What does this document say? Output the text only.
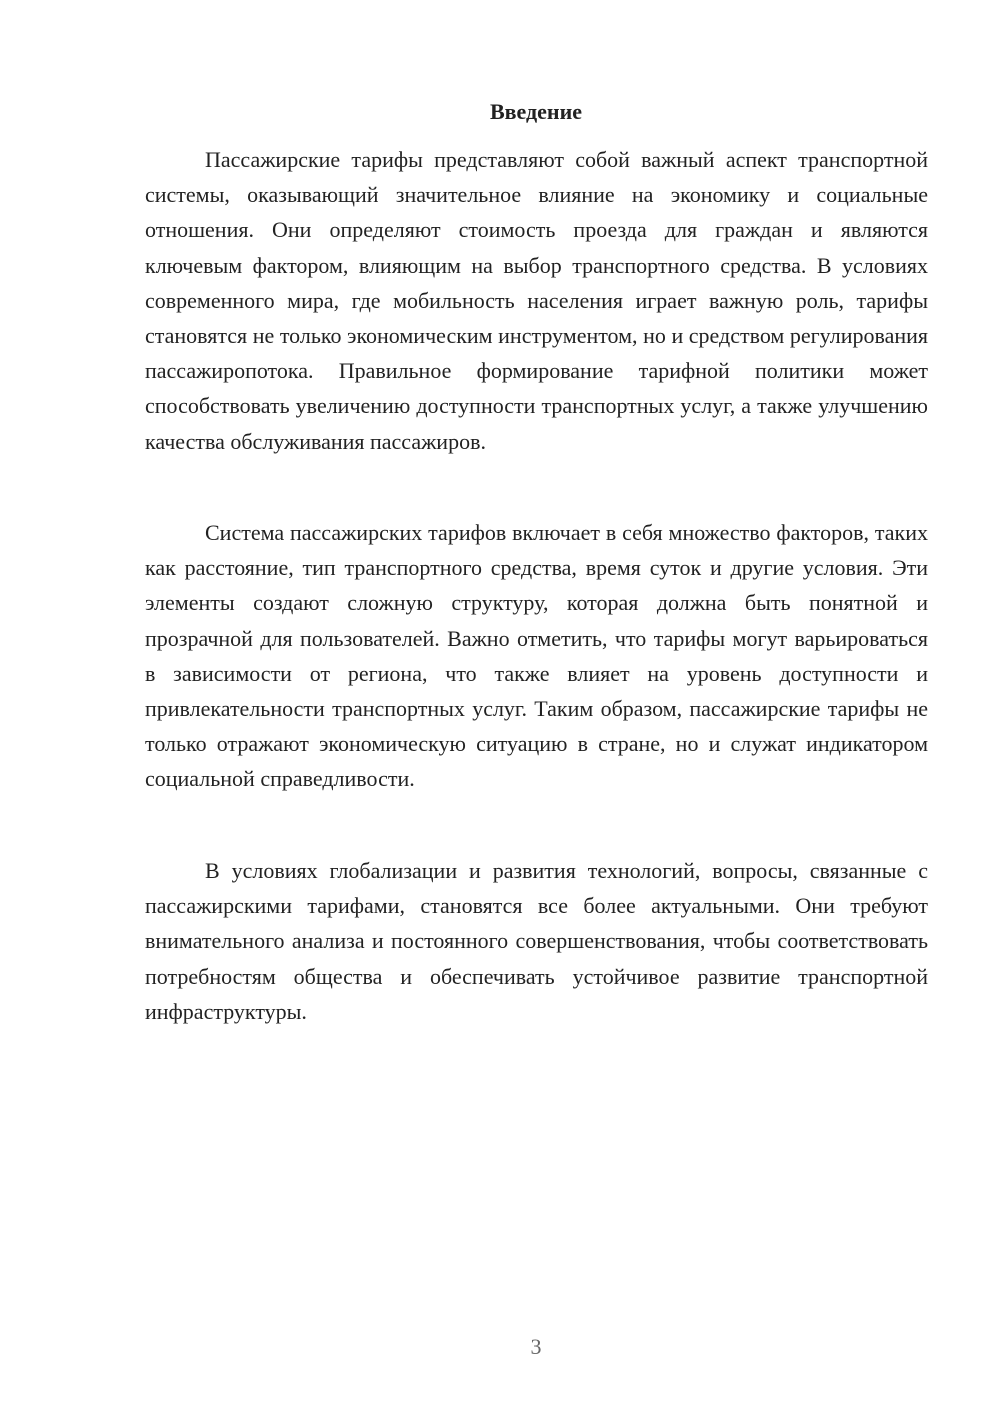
Введение

Пассажирские тарифы представляют собой важный аспект транспортной системы, оказывающий значительное влияние на экономику и социальные отношения. Они определяют стоимость проезда для граждан и являются ключевым фактором, влияющим на выбор транспортного средства. В условиях современного мира, где мобильность населения играет важную роль, тарифы становятся не только экономическим инструментом, но и средством регулирования пассажиропотока. Правильное формирование тарифной политики может способствовать увеличению доступности транспортных услуг, а также улучшению качества обслуживания пассажиров.

Система пассажирских тарифов включает в себя множество факторов, таких как расстояние, тип транспортного средства, время суток и другие условия. Эти элементы создают сложную структуру, которая должна быть понятной и прозрачной для пользователей. Важно отметить, что тарифы могут варьироваться в зависимости от региона, что также влияет на уровень доступности и привлекательности транспортных услуг. Таким образом, пассажирские тарифы не только отражают экономическую ситуацию в стране, но и служат индикатором социальной справедливости.

В условиях глобализации и развития технологий, вопросы, связанные с пассажирскими тарифами, становятся все более актуальными. Они требуют внимательного анализа и постоянного совершенствования, чтобы соответствовать потребностям общества и обеспечивать устойчивое развитие транспортной инфраструктуры.

3
